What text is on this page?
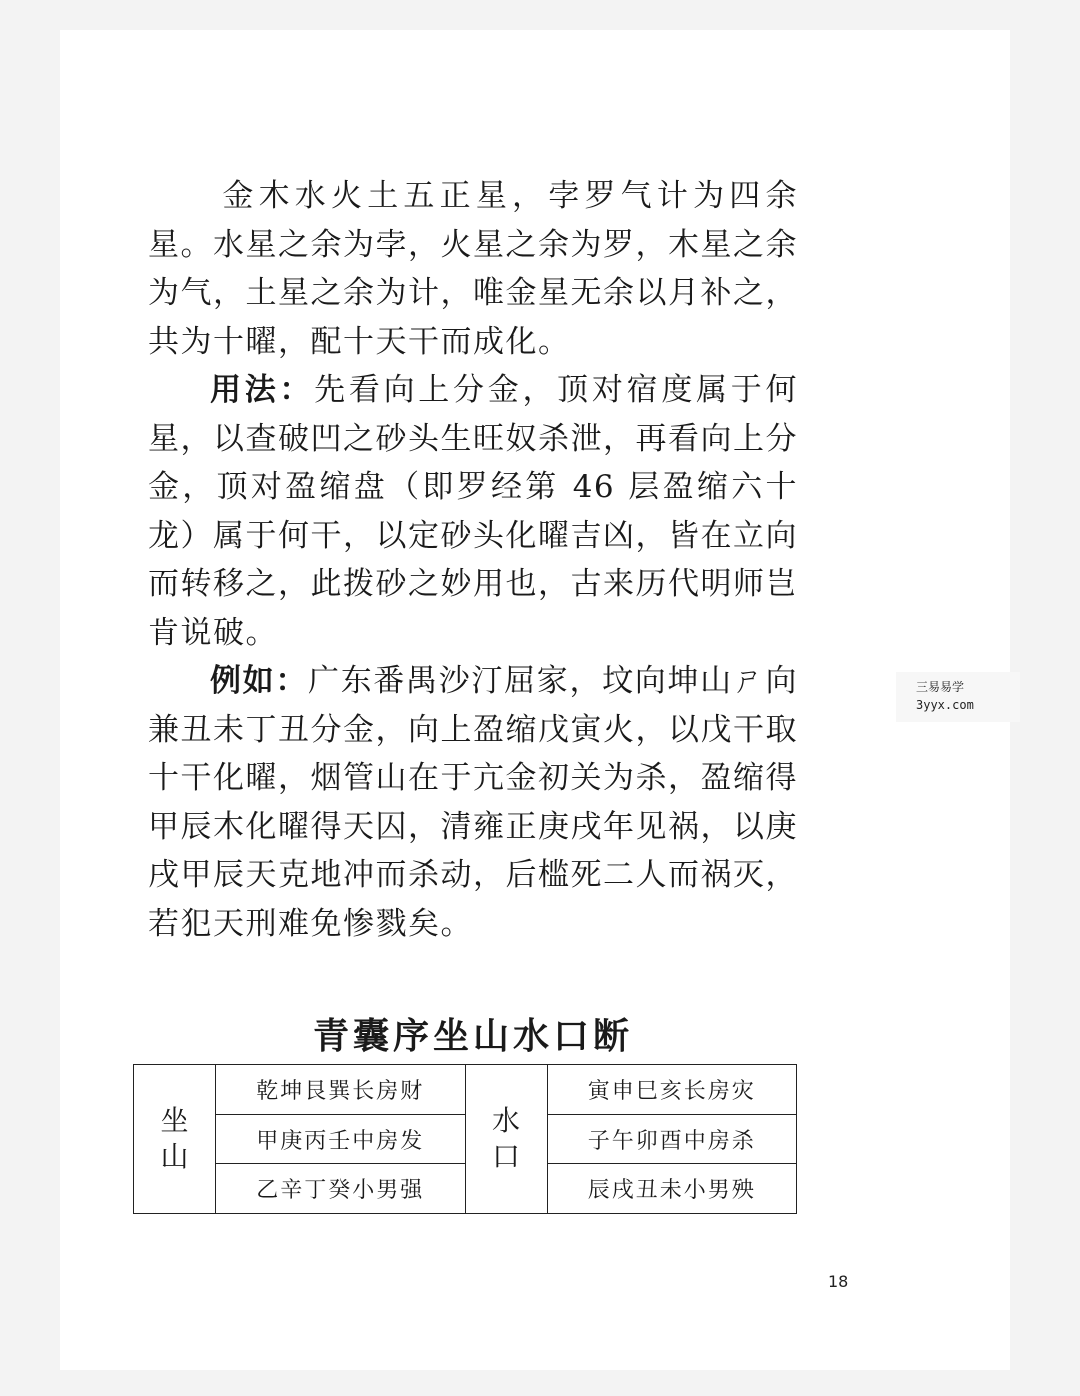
金木水火土五正星，孛罗气计为四余星。水星之余为孛，火星之余为罗，木星之余为气，土星之余为计，唯金星无余以月补之，共为十曜，配十天干而成化。

用法：先看向上分金，顶对宿度属于何星，以查破凹之砂头生旺奴杀泄，再看向上分金，顶对盈缩盘（即罗经第 46 层盈缩六十龙）属于何干，以定砂头化曜吉凶，皆在立向而转移之，此拨砂之妙用也，古来历代明师岂肯说破。

例如：广东番禺沙汀屈家，坟向坤山ㄕ向兼丑未丁丑分金，向上盈缩戊寅火，以戊干取十干化曜，烟管山在于亢金初关为杀，盈缩得甲辰木化曜得天囚，清雍正庚戌年见祸，以庚戌甲辰天克地冲而杀动，后槛死二人而祸灭，若犯天刑难免惨戮矣。

青囊序坐山水口断
坐
山
乾坤艮巽长房财
甲庚丙壬中房发
乙辛丁癸小男强
水
口
寅申巳亥长房灾
子午卯酉中房杀
辰戌丑未小男殃
18
三易易学
3yyx.com
